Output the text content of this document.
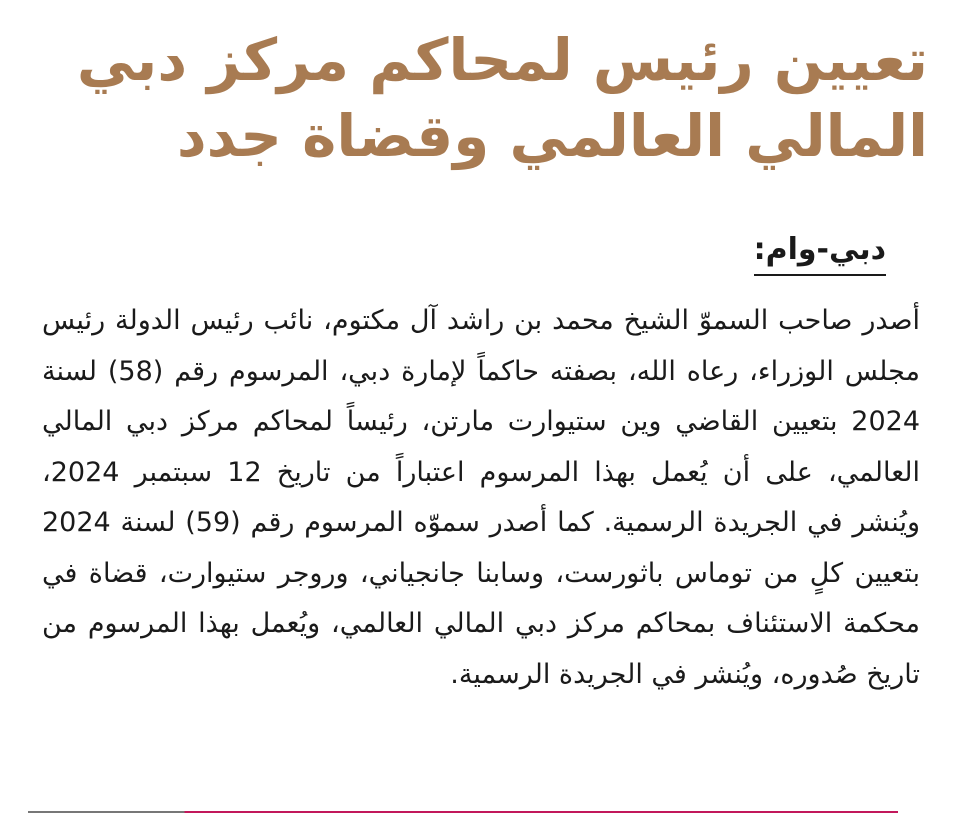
تعيين رئيس لمحاكم مركز دبي المالي العالمي وقضاة جدد
دبي-وام:

أصدر صاحب السموّ الشيخ محمد بن راشد آل مكتوم، نائب رئيس الدولة رئيس مجلس الوزراء، رعاه الله، بصفته حاكماً لإمارة دبي، المرسوم رقم (58) لسنة 2024 بتعيين القاضي وين ستيوارت مارتن، رئيساً لمحاكم مركز دبي المالي العالمي، على أن يُعمل بهذا المرسوم اعتباراً من تاريخ 12 سبتمبر 2024، ويُنشر في الجريدة الرسمية. كما أصدر سموّه المرسوم رقم (59) لسنة 2024 بتعيين كلٍ من توماس باثورست، وسابنا جانجياني، وروجر ستيوارت، قضاة في محكمة الاستئناف بمحاكم مركز دبي المالي العالمي، ويُعمل بهذا المرسوم من تاريخ صُدوره، ويُنشر في الجريدة الرسمية.
